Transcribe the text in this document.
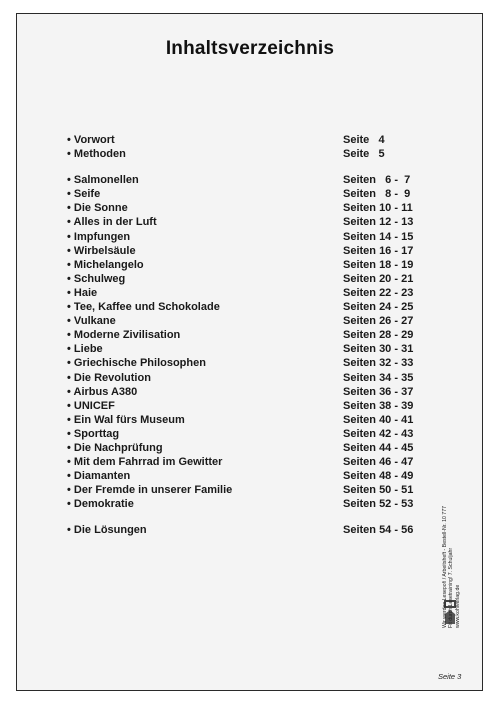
Inhaltsverzeichnis
• Vorwort	Seite   4
• Methoden	Seite   5
• Salmonellen	Seiten   6 -  7
• Seife	Seiten   8 -  9
• Die Sonne	Seiten 10 - 11
• Alles in der Luft	Seiten 12 - 13
• Impfungen	Seiten 14 - 15
• Wirbelsäule	Seiten 16 - 17
• Michelangelo	Seiten 18 - 19
• Schulweg	Seiten 20 - 21
• Haie	Seiten 22 - 23
• Tee, Kaffee und Schokolade	Seiten 24 - 25
• Vulkane	Seiten 26 - 27
• Moderne Zivilisation	Seiten 28 - 29
• Liebe	Seiten 30 - 31
• Griechische Philosophen	Seiten 32 - 33
• Die Revolution	Seiten 34 - 35
• Airbus A380	Seiten 36 - 37
• UNICEF	Seiten 38 - 39
• Ein Wal fürs Museum	Seiten 40 - 41
• Sporttag	Seiten 42 - 43
• Die Nachprüfung	Seiten 44 - 45
• Mit dem Fahrrad im Gewitter	Seiten 46 - 47
• Diamanten	Seiten 48 - 49
• Der Fremde in unserer Familie	Seiten 50 - 51
• Demokratie	Seiten 52 - 53
• Die Lösungen	Seiten 54 - 56	Wir werden Lesepofi / Arbeitsheft - Bestell-Nr. 10 777 Fit durch Lesetraining! 7. Schuljahr www.kohlverlag.de
Seite 3
